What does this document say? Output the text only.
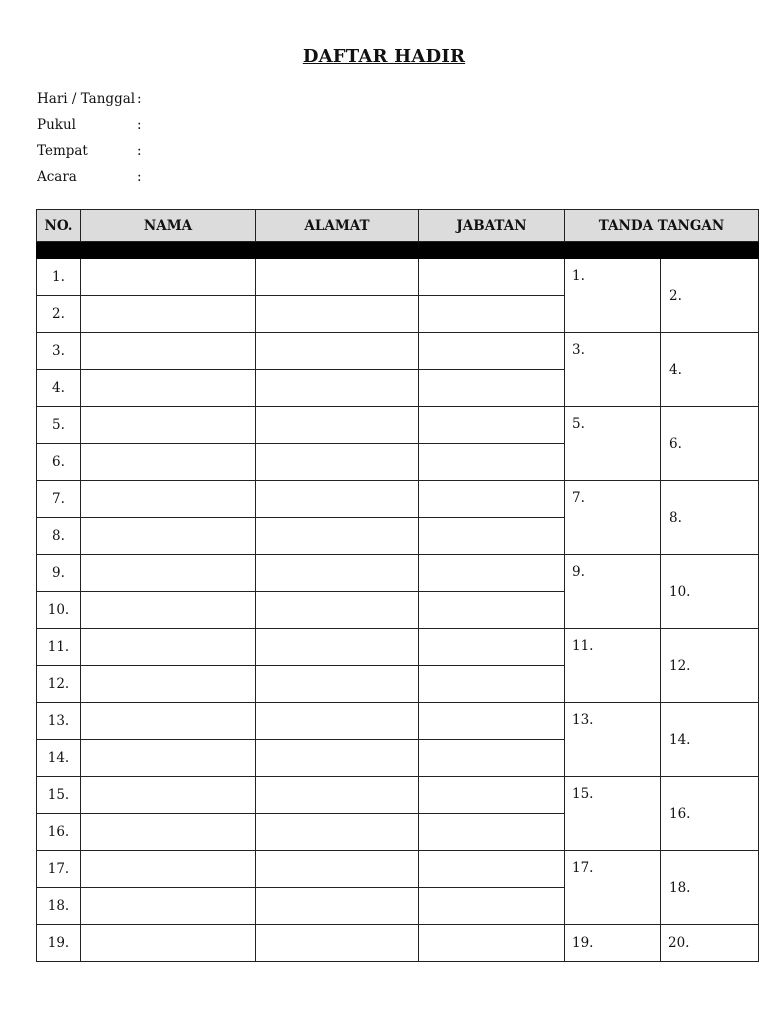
DAFTAR HADIR
Hari / Tanggal :
Pukul	:
Tempat	:
Acara	:
NO.	NAMA	ALAMAT	JABATAN	TANDA TANGAN	

1.				1.	2.
2.					
3.				3.	4.
4.					
5.				5.	6.
6.					
7.				7.	8.
8.					
9.				9.	10.
10.					
11.				11.	12.
12.					
13.				13.	14.
14.					
15.				15.	16.
16.					
17.				17.	18.
18.					
19.				19.	20.
